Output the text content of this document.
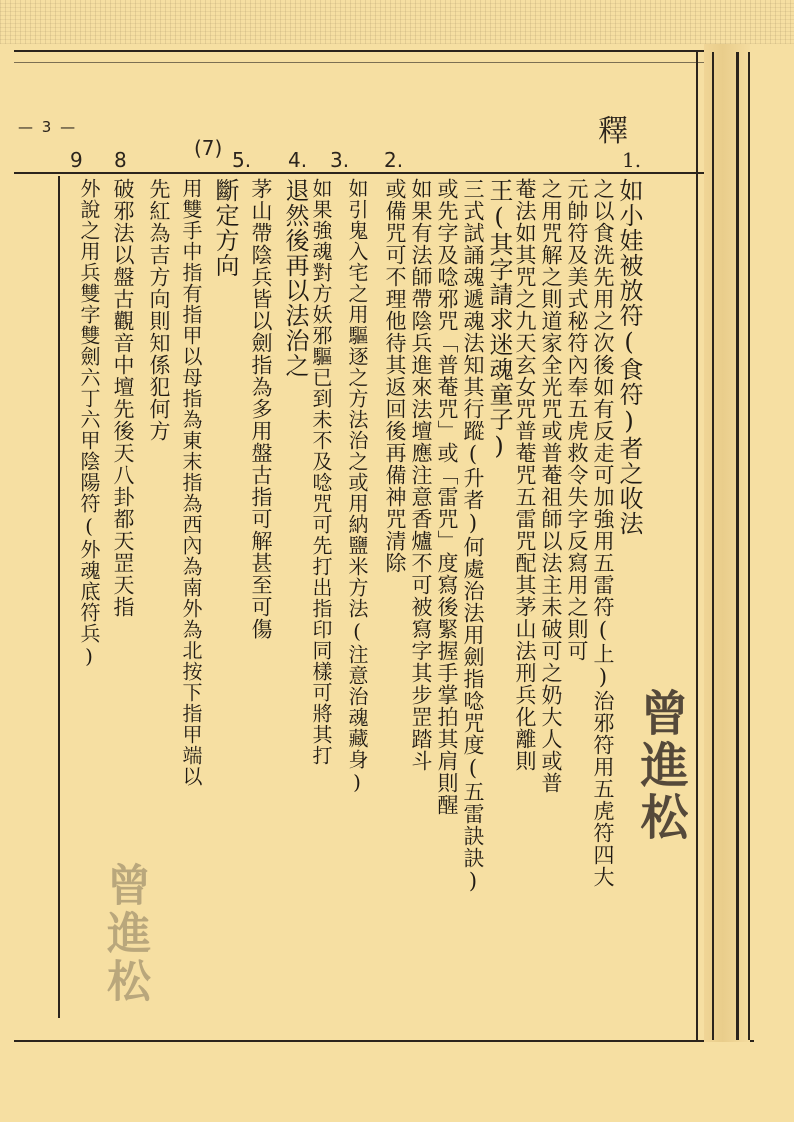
— 3 —	釋
1.
2.
3.
4.
5.
(7)
8
9
如小娃被放符(食符)者之收法
之以食洗先用之次後如有反走可加強用五雷符(上)治邪符用五虎符四大
元帥符及美式秘符內奉五虎救令失字反寫用之則可
之用咒解之則道家全光咒或普菴祖師以法主未破可之奶大人或普
菴法如其咒之九天玄女咒普菴咒五雷咒配其茅山法刑兵化離則
王(其字請求迷魂童子)
三式試誦魂遞魂法知其行蹤(升者)何處治法用劍指唸咒度(五雷訣訣)
或先字及唸邪咒「普菴咒」或「雷咒」度寫後緊握手掌拍其肩則醒
如果有法師帶陰兵進來法壇應注意香爐不可被寫字其步罡踏斗
或備咒可不理他待其返回後再備神咒清除
如引鬼入宅之用驅逐之方法治之或用納鹽米方法(注意治魂藏身)
如果強魂對方妖邪驅已到未不及唸咒可先打出指印同樣可將其打
退然後再以法治之
茅山帶陰兵皆以劍指為多用盤古指可解甚至可傷
斷定方向
用雙手中指有指甲以母指為東末指為西內為南外為北按下指甲端以
先紅為吉方向則知係犯何方
破邪法以盤古觀音中壇先後天八卦都天罡天指
外說之用兵雙字雙劍六丁六甲陰陽符(外魂底符兵)
曾進松
曾進松
